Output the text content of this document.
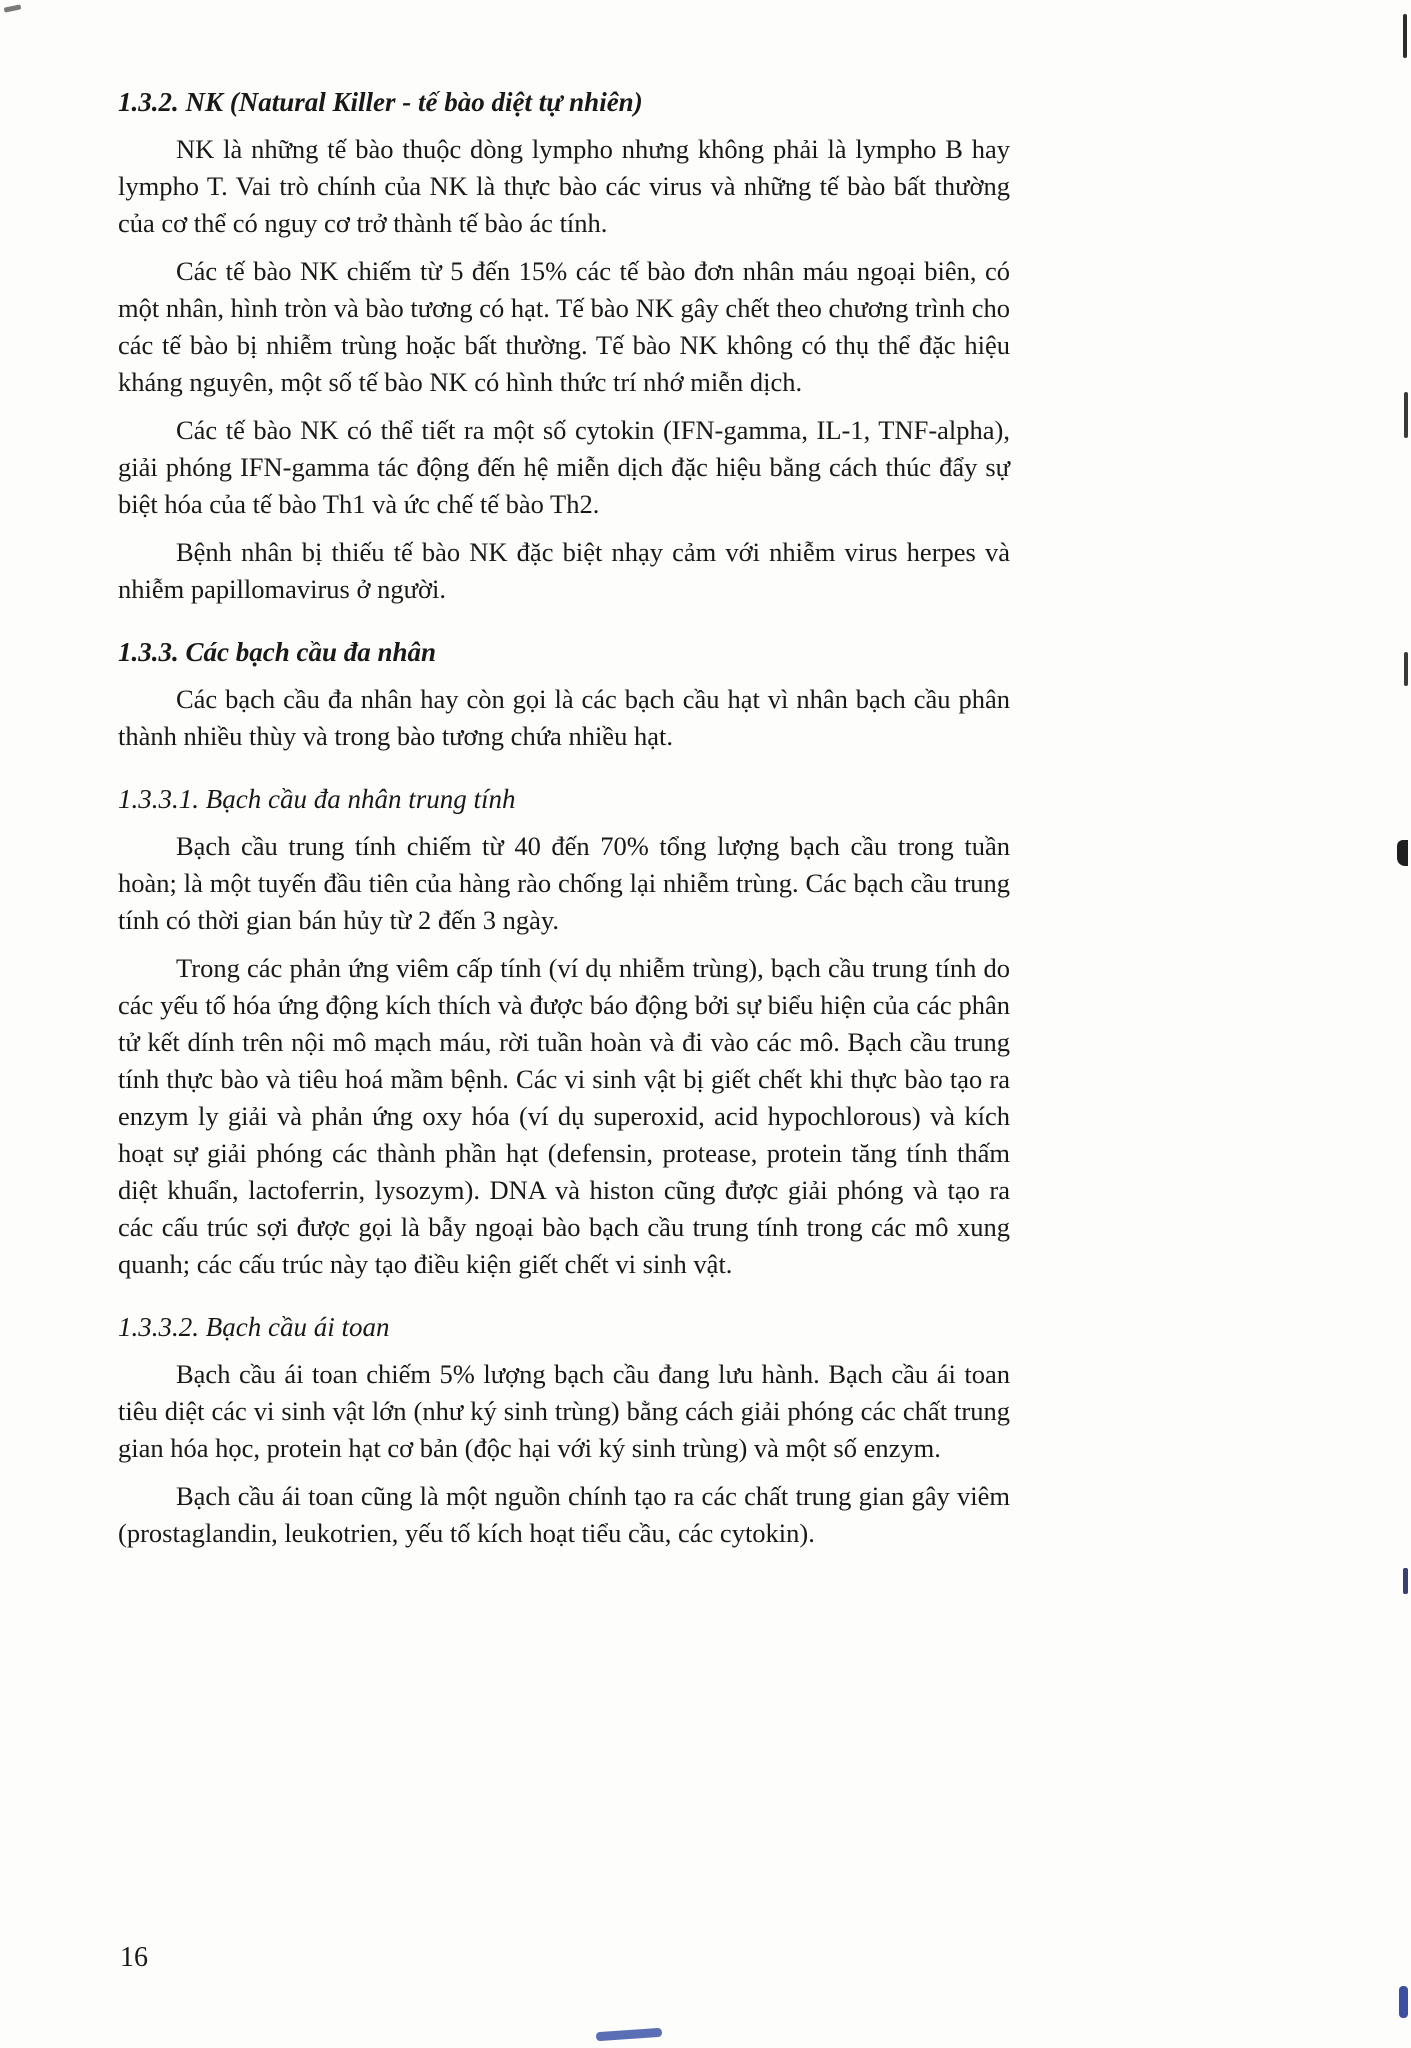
1.3.2. NK (Natural Killer - tế bào diệt tự nhiên)

NK là những tế bào thuộc dòng lympho nhưng không phải là lympho B hay lympho T. Vai trò chính của NK là thực bào các virus và những tế bào bất thường của cơ thể có nguy cơ trở thành tế bào ác tính.

Các tế bào NK chiếm từ 5 đến 15% các tế bào đơn nhân máu ngoại biên, có một nhân, hình tròn và bào tương có hạt. Tế bào NK gây chết theo chương trình cho các tế bào bị nhiễm trùng hoặc bất thường. Tế bào NK không có thụ thể đặc hiệu kháng nguyên, một số tế bào NK có hình thức trí nhớ miễn dịch.

Các tế bào NK có thể tiết ra một số cytokin (IFN-gamma, IL-1, TNF-alpha), giải phóng IFN-gamma tác động đến hệ miễn dịch đặc hiệu bằng cách thúc đẩy sự biệt hóa của tế bào Th1 và ức chế tế bào Th2.

Bệnh nhân bị thiếu tế bào NK đặc biệt nhạy cảm với nhiễm virus herpes và nhiễm papillomavirus ở người.

1.3.3. Các bạch cầu đa nhân

Các bạch cầu đa nhân hay còn gọi là các bạch cầu hạt vì nhân bạch cầu phân thành nhiều thùy và trong bào tương chứa nhiều hạt.

1.3.3.1. Bạch cầu đa nhân trung tính

Bạch cầu trung tính chiếm từ 40 đến 70% tổng lượng bạch cầu trong tuần hoàn; là một tuyến đầu tiên của hàng rào chống lại nhiễm trùng. Các bạch cầu trung tính có thời gian bán hủy từ 2 đến 3 ngày.

Trong các phản ứng viêm cấp tính (ví dụ nhiễm trùng), bạch cầu trung tính do các yếu tố hóa ứng động kích thích và được báo động bởi sự biểu hiện của các phân tử kết dính trên nội mô mạch máu, rời tuần hoàn và đi vào các mô. Bạch cầu trung tính thực bào và tiêu hoá mầm bệnh. Các vi sinh vật bị giết chết khi thực bào tạo ra enzym ly giải và phản ứng oxy hóa (ví dụ superoxid, acid hypochlorous) và kích hoạt sự giải phóng các thành phần hạt (defensin, protease, protein tăng tính thấm diệt khuẩn, lactoferrin, lysozym). DNA và histon cũng được giải phóng và tạo ra các cấu trúc sợi được gọi là bẫy ngoại bào bạch cầu trung tính trong các mô xung quanh; các cấu trúc này tạo điều kiện giết chết vi sinh vật.

1.3.3.2. Bạch cầu ái toan

Bạch cầu ái toan chiếm 5% lượng bạch cầu đang lưu hành. Bạch cầu ái toan tiêu diệt các vi sinh vật lớn (như ký sinh trùng) bằng cách giải phóng các chất trung gian hóa học, protein hạt cơ bản (độc hại với ký sinh trùng) và một số enzym.

Bạch cầu ái toan cũng là một nguồn chính tạo ra các chất trung gian gây viêm (prostaglandin, leukotrien, yếu tố kích hoạt tiểu cầu, các cytokin).

16
